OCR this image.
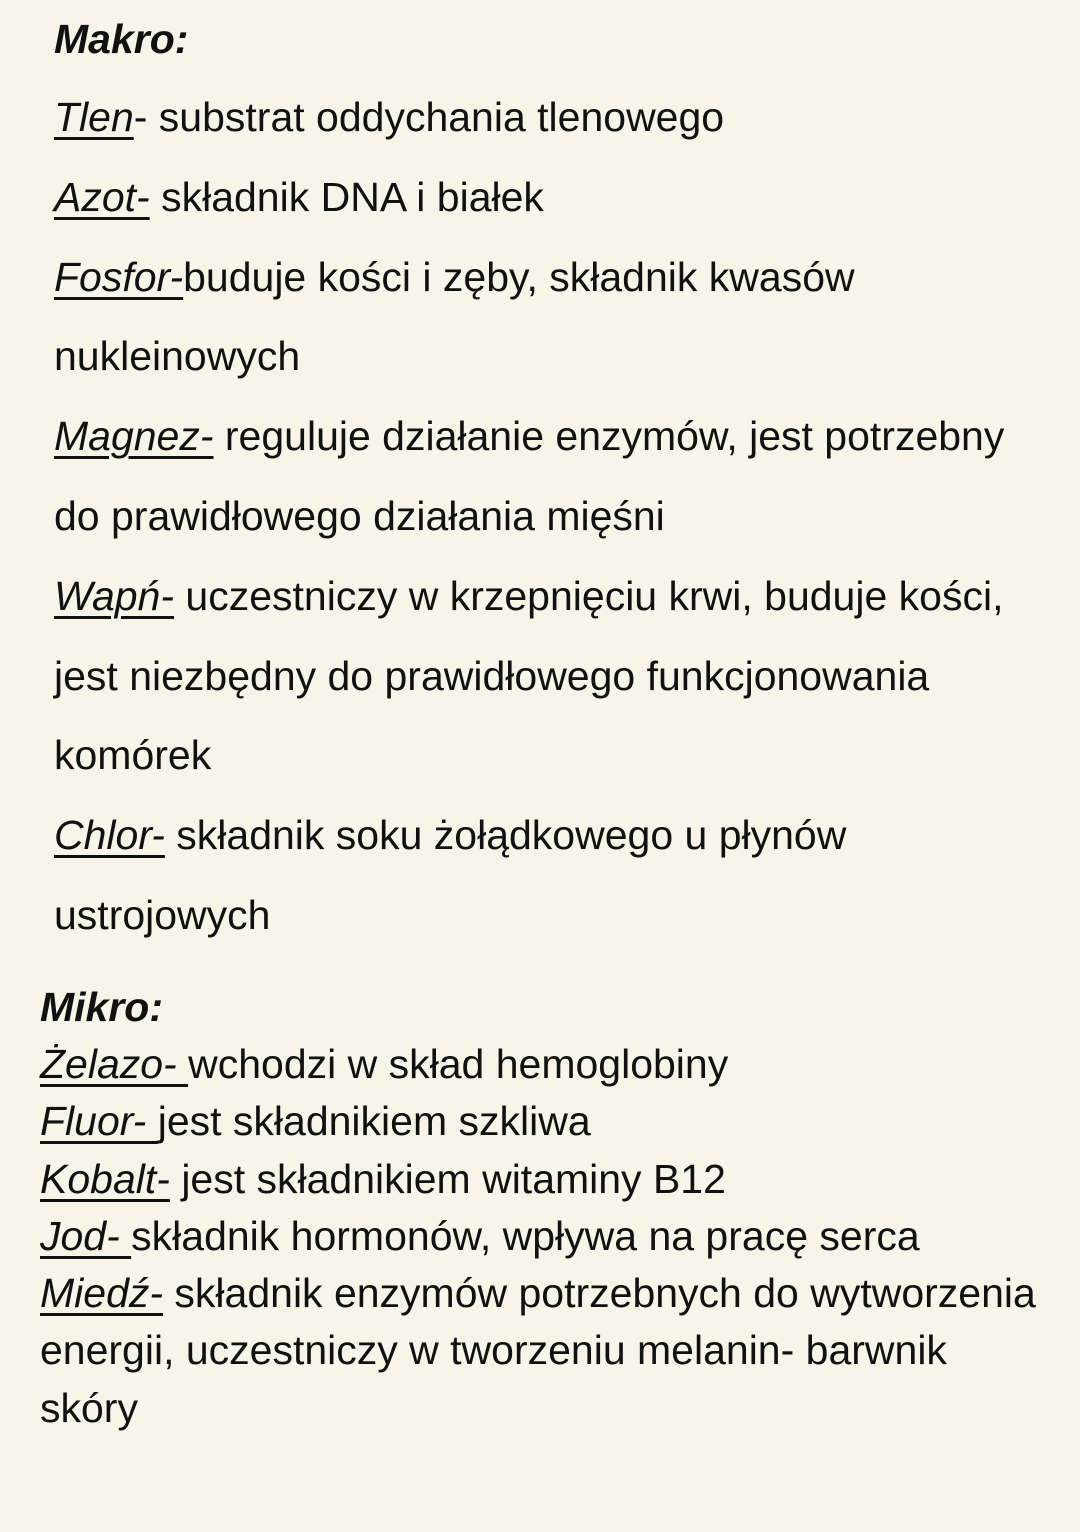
Makro:

Tlen- substrat oddychania tlenowego

Azot- składnik DNA i białek

Fosfor-buduje kości i zęby, składnik kwasów nukleinowych

Magnez- reguluje działanie enzymów, jest potrzebny do prawidłowego działania mięśni

Wapń- uczestniczy w krzepnięciu krwi, buduje kości, jest niezbędny do prawidłowego funkcjonowania komórek

Chlor- składnik soku żołądkowego u płynów ustrojowych

Mikro:

Żelazo- wchodzi w skład hemoglobiny

Fluor- jest składnikiem szkliwa

Kobalt- jest składnikiem witaminy B12

Jod- składnik hormonów, wpływa na pracę serca

Miedź- składnik enzymów potrzebnych do wytworzenia energii, uczestniczy w tworzeniu melanin- barwnik skóry
